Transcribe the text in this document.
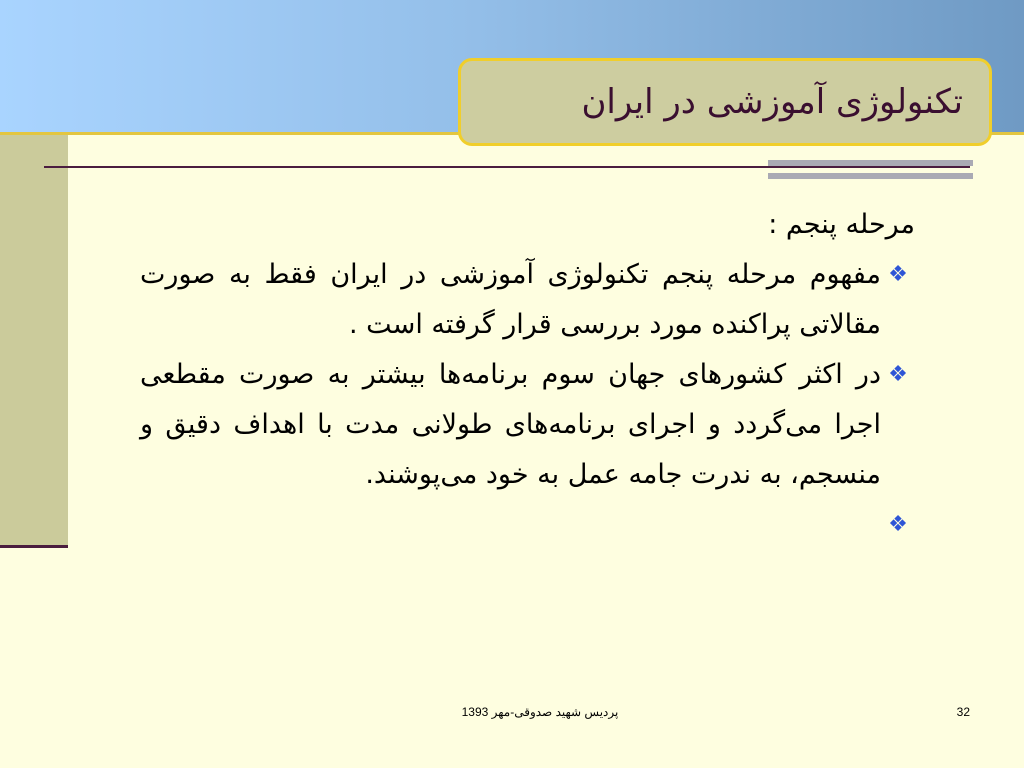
تکنولوژی آموزشی در ایران
مرحله پنجم :
❖
مفهوم مرحله پنجم تکنولوژی آموزشی در ایران فقط به صورت مقالاتی پراکنده مورد بررسی قرار گرفته است .
❖
در اکثر کشورهای جهان سوم برنامه‌ها بیشتر به صورت مقطعی اجرا می‌گردد و اجرای برنامه‌های طولانی مدت با اهداف دقیق و منسجم، به ندرت جامه عمل به خود می‌پوشند.
❖
پردیس شهید صدوقی-مهر 1393	32
